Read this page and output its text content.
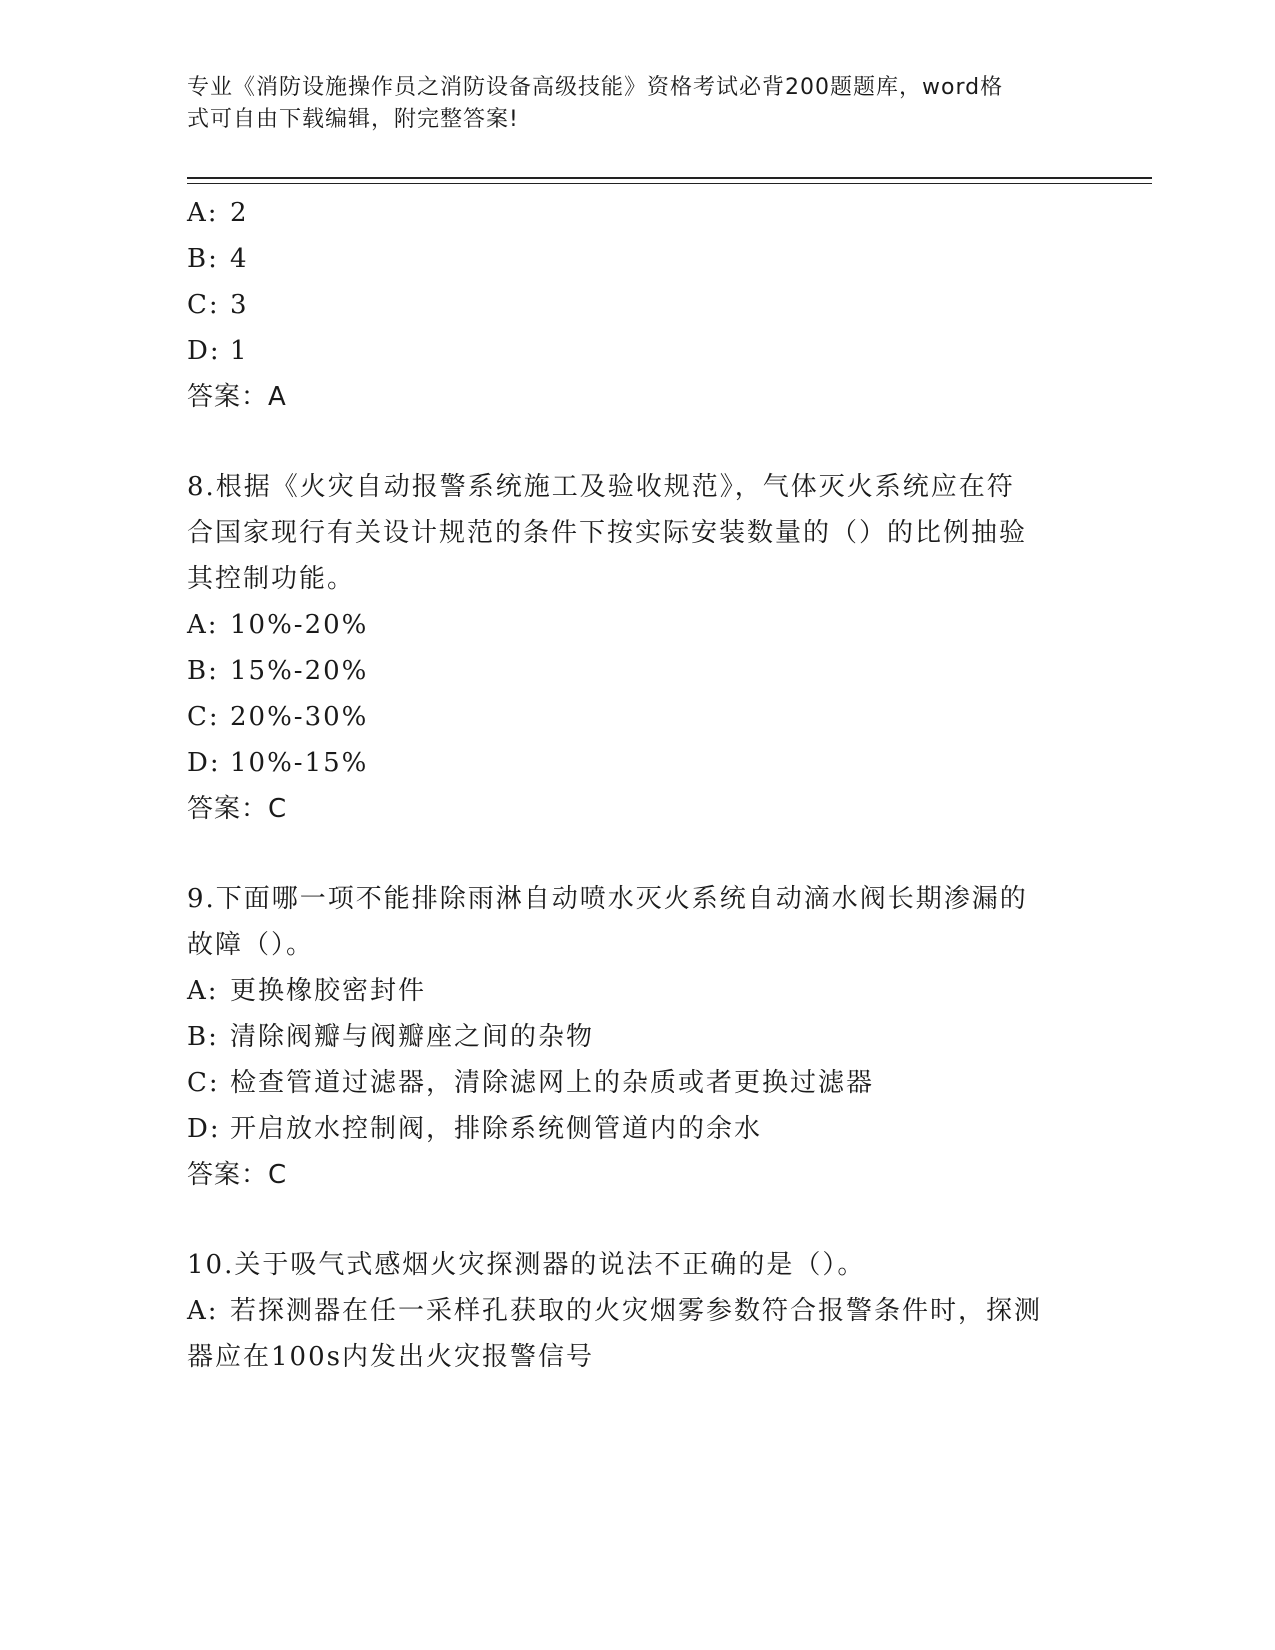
专业《消防设施操作员之消防设备高级技能》资格考试必背200题题库，word格
式可自由下载编辑，附完整答案!
A: 2
B: 4
C: 3
D: 1
答案：A
8.根据《火灾自动报警系统施工及验收规范》，气体灭火系统应在符
合国家现行有关设计规范的条件下按实际安装数量的（）的比例抽验
其控制功能。
A: 10%-20%
B: 15%-20%
C: 20%-30%
D: 10%-15%
答案：C
9.下面哪一项不能排除雨淋自动喷水灭火系统自动滴水阀长期渗漏的
故障（）。
A: 更换橡胶密封件
B: 清除阀瓣与阀瓣座之间的杂物
C: 检查管道过滤器，清除滤网上的杂质或者更换过滤器
D: 开启放水控制阀，排除系统侧管道内的余水
答案：C
10.关于吸气式感烟火灾探测器的说法不正确的是（）。
A: 若探测器在任一采样孔获取的火灾烟雾参数符合报警条件时，探测
器应在100s内发出火灾报警信号
